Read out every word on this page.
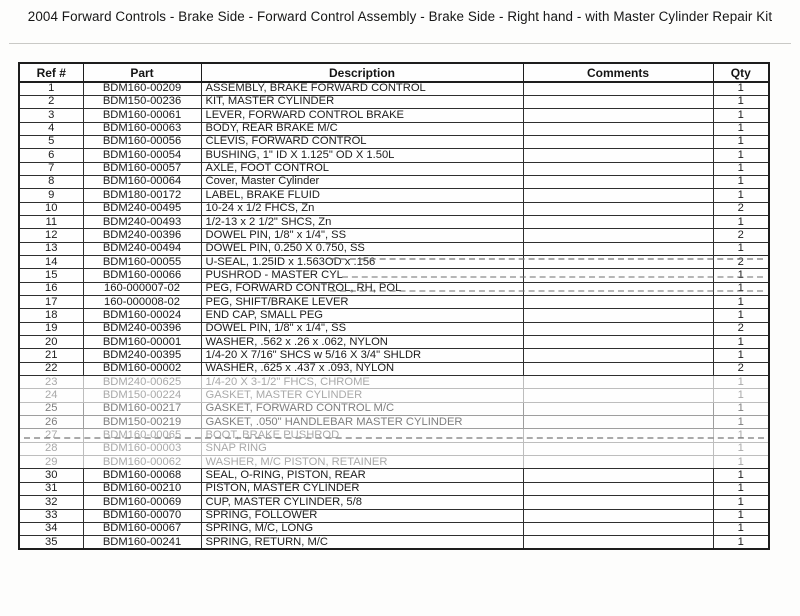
2004 Forward Controls - Brake Side - Forward Control Assembly - Brake Side - Right hand - with Master Cylinder Repair Kit
Ref #	Part	Description	Comments	Qty
1	BDM160-00209	ASSEMBLY, BRAKE FORWARD CONTROL		1
2	BDM150-00236	KIT, MASTER CYLINDER		1
3	BDM160-00061	LEVER, FORWARD CONTROL BRAKE		1
4	BDM160-00063	BODY, REAR BRAKE M/C		1
5	BDM160-00056	CLEVIS, FORWARD CONTROL		1
6	BDM160-00054	BUSHING, 1" ID X 1.125" OD X 1.50L		1
7	BDM160-00057	AXLE, FOOT CONTROL		1
8	BDM160-00064	Cover, Master Cylinder		1
9	BDM180-00172	LABEL, BRAKE FLUID		1
10	BDM240-00495	10-24 x 1/2 FHCS, Zn		2
11	BDM240-00493	1/2-13 x 2 1/2" SHCS, Zn		1
12	BDM240-00396	DOWEL PIN, 1/8" x 1/4", SS		2
13	BDM240-00494	DOWEL PIN, 0.250 X 0.750, SS		1
14	BDM160-00055	U-SEAL, 1.25ID x 1.563OD x .156		2
15	BDM160-00066	PUSHROD - MASTER CYL		1
16	160-000007-02	PEG, FORWARD CONTROL, RH, POL		1
17	160-000008-02	PEG, SHIFT/BRAKE LEVER		1
18	BDM160-00024	END CAP, SMALL PEG		1
19	BDM240-00396	DOWEL PIN, 1/8" x 1/4", SS		2
20	BDM160-00001	WASHER, .562 x .26 x .062, NYLON		1
21	BDM240-00395	1/4-20 X 7/16" SHCS w 5/16 X 3/4" SHLDR		1
22	BDM160-00002	WASHER, .625 x .437 x .093, NYLON		2
23	BDM240-00625	1/4-20 X 3-1/2" FHCS, CHROME		1
24	BDM150-00224	GASKET, MASTER CYLINDER		1
25	BDM160-00217	GASKET, FORWARD CONTROL M/C		1
26	BDM150-00219	GASKET, .050" HANDLEBAR MASTER CYLINDER		1
27	BDM160-00065	BOOT, BRAKE PUSHROD		1
28	BDM160-00003	SNAP RING		1
29	BDM160-00062	WASHER, M/C PISTON, RETAINER		1
30	BDM160-00068	SEAL, O-RING, PISTON, REAR		1
31	BDM160-00210	PISTON, MASTER CYLINDER		1
32	BDM160-00069	CUP, MASTER CYLINDER, 5/8		1
33	BDM160-00070	SPRING, FOLLOWER		1
34	BDM160-00067	SPRING, M/C, LONG		1
35	BDM160-00241	SPRING, RETURN, M/C		1
